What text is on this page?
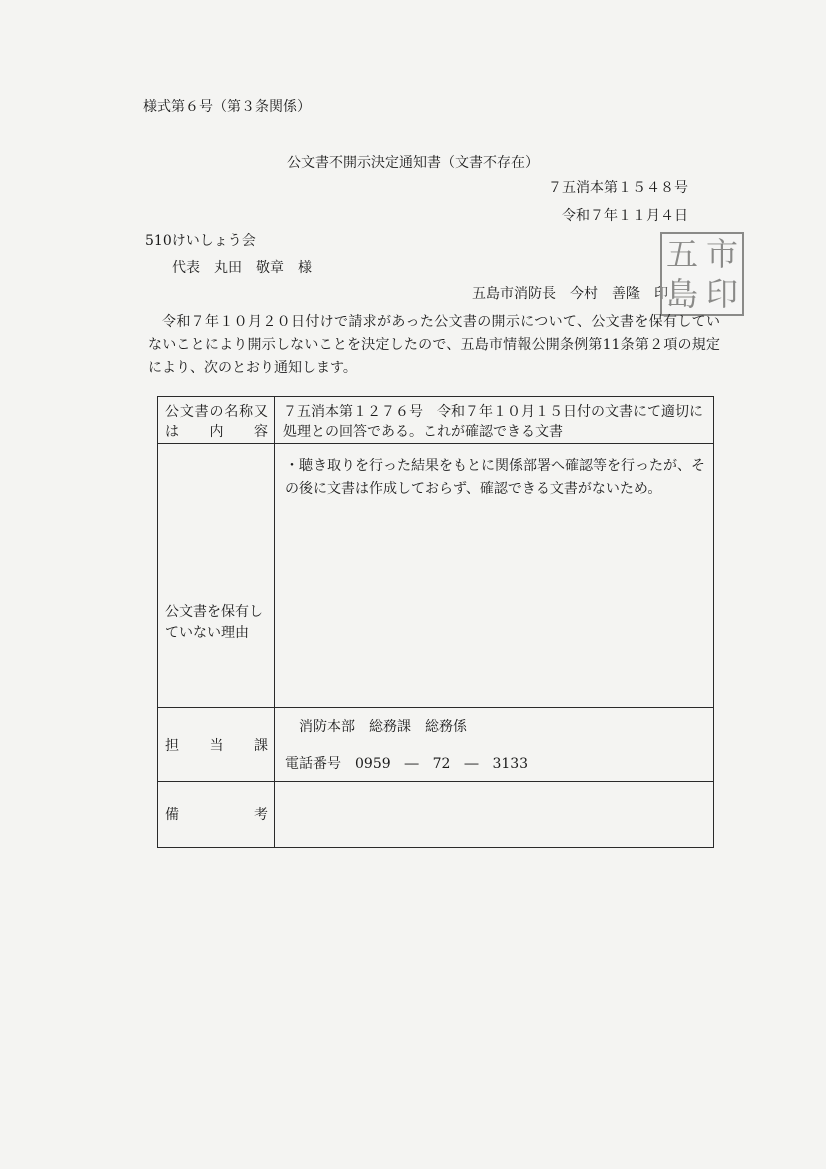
様式第６号（第３条関係）
公文書不開示決定通知書（文書不存在）
７五消本第１５４８号
令和７年１１月４日
510けいしょう会
代表　丸田　敬章　様
五島市消防長　今村　善隆　印
五 市
島 印
令和７年１０月２０日付けで請求があった公文書の開示について、公文書を保有していないことにより開示しないことを決定したので、五島市情報公開条例第11条第２項の規定により、次のとおり通知します。
公文書の名称又は内容
７五消本第１２７６号　令和７年１０月１５日付の文書にて適切に処理との回答である。これが確認できる文書
公文書を保有していない理由
・聴き取りを行った結果をもとに関係部署へ確認等を行ったが、その後に文書は作成しておらず、確認できる文書がないため。
担当課
消防本部　総務課　総務係
電話番号　0959　―　72　―　3133
備考
